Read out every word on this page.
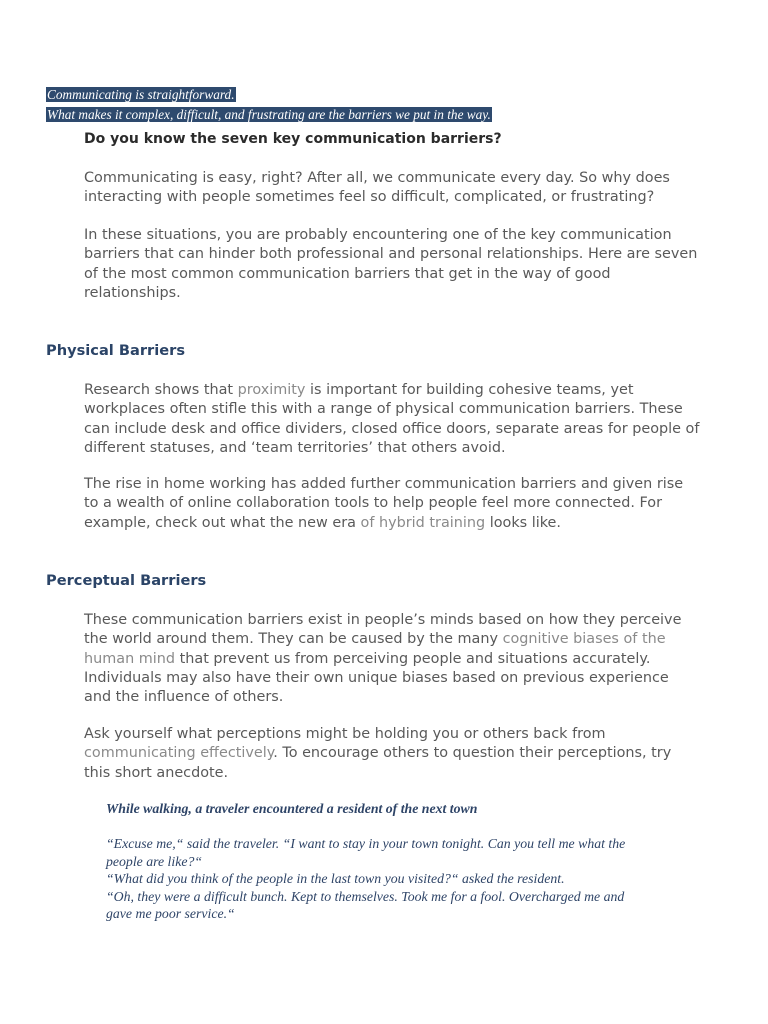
Communicating is straightforward.
What makes it complex, difficult, and frustrating are the barriers we put in the way.
Do you know the seven key communication barriers?
Communicating is easy, right? After all, we communicate every day. So why does
interacting with people sometimes feel so difficult, complicated, or frustrating?
In these situations, you are probably encountering one of the key communication
barriers that can hinder both professional and personal relationships. Here are seven
of the most common communication barriers that get in the way of good
relationships.
Physical Barriers
Research shows that proximity is important for building cohesive teams, yet
workplaces often stifle this with a range of physical communication barriers. These
can include desk and office dividers, closed office doors, separate areas for people of
different statuses, and ‘team territories’ that others avoid.
The rise in home working has added further communication barriers and given rise
to a wealth of online collaboration tools to help people feel more connected. For
example, check out what the new era of hybrid training looks like.
Perceptual Barriers
These communication barriers exist in people’s minds based on how they perceive
the world around them. They can be caused by the many cognitive biases of the
human mind that prevent us from perceiving people and situations accurately.
Individuals may also have their own unique biases based on previous experience
and the influence of others.
Ask yourself what perceptions might be holding you or others back from
communicating effectively. To encourage others to question their perceptions, try
this short anecdote.
While walking, a traveler encountered a resident of the next town
“Excuse me,“ said the traveler. “I want to stay in your town tonight. Can you tell me what the
people are like?“
“What did you think of the people in the last town you visited?“ asked the resident.
“Oh, they were a difficult bunch. Kept to themselves. Took me for a fool. Overcharged me and
gave me poor service.“
